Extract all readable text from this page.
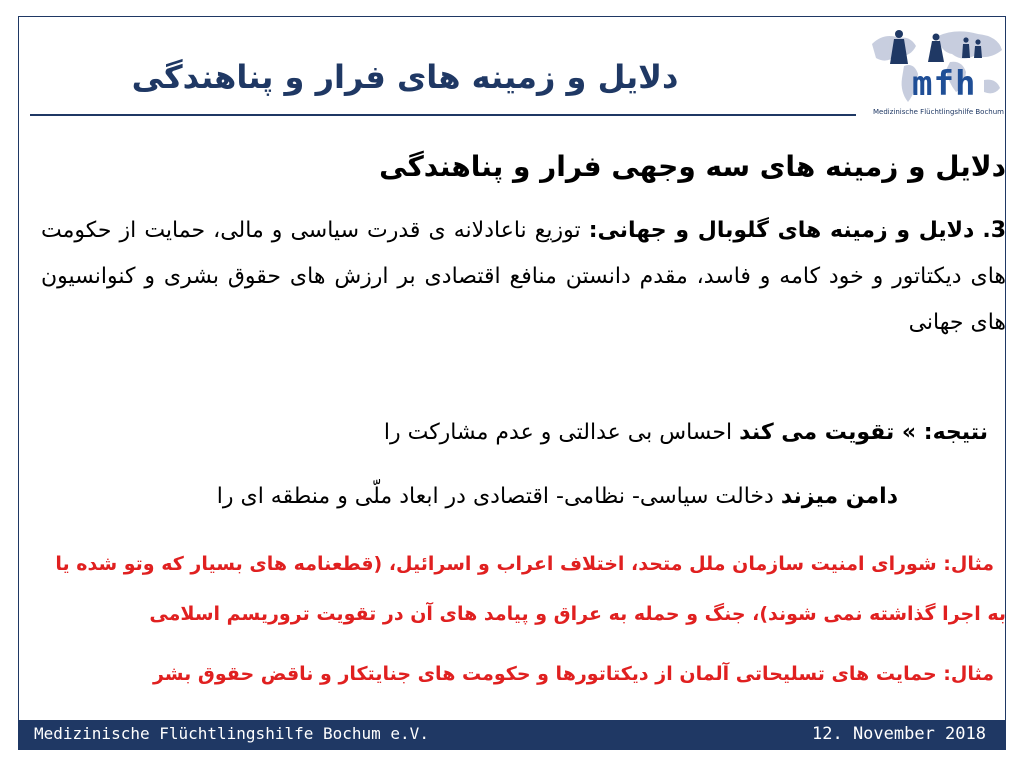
دلایل و زمینه های فرار و پناهندگی	mfh
Medizinische Flüchtlingshilfe Bochum
دلایل و زمینه های سه وجهی فرار و پناهندگی
3. دلایل و زمینه های گلوبال و جهانی: توزیع ناعادلانه ی قدرت سیاسی و مالی، حمایت از حکومت های دیکتاتور و خود کامه و فاسد، مقدم دانستن منافع اقتصادی بر ارزش های حقوق بشری و کنوانسیون های جهانی
نتیجه: » تقویت می کند احساس بی عدالتی و عدم مشارکت را
دامن میزند دخالت سیاسی- نظامی- اقتصادی در ابعاد ملّی و منطقه ای را
مثال: شورای امنیت سازمان ملل متحد، اختلاف اعراب و اسرائیل، (قطعنامه های بسیار که وتو شده یا
به اجرا گذاشته نمی شوند)، جنگ و حمله به عراق و پیامد های آن در تقویت تروریسم اسلامی
مثال: حمایت های تسلیحاتی آلمان از دیکتاتورها و حکومت های جنایتکار و ناقض حقوق بشر
Medizinische Flüchtlingshilfe Bochum e.V.	12. November 2018
